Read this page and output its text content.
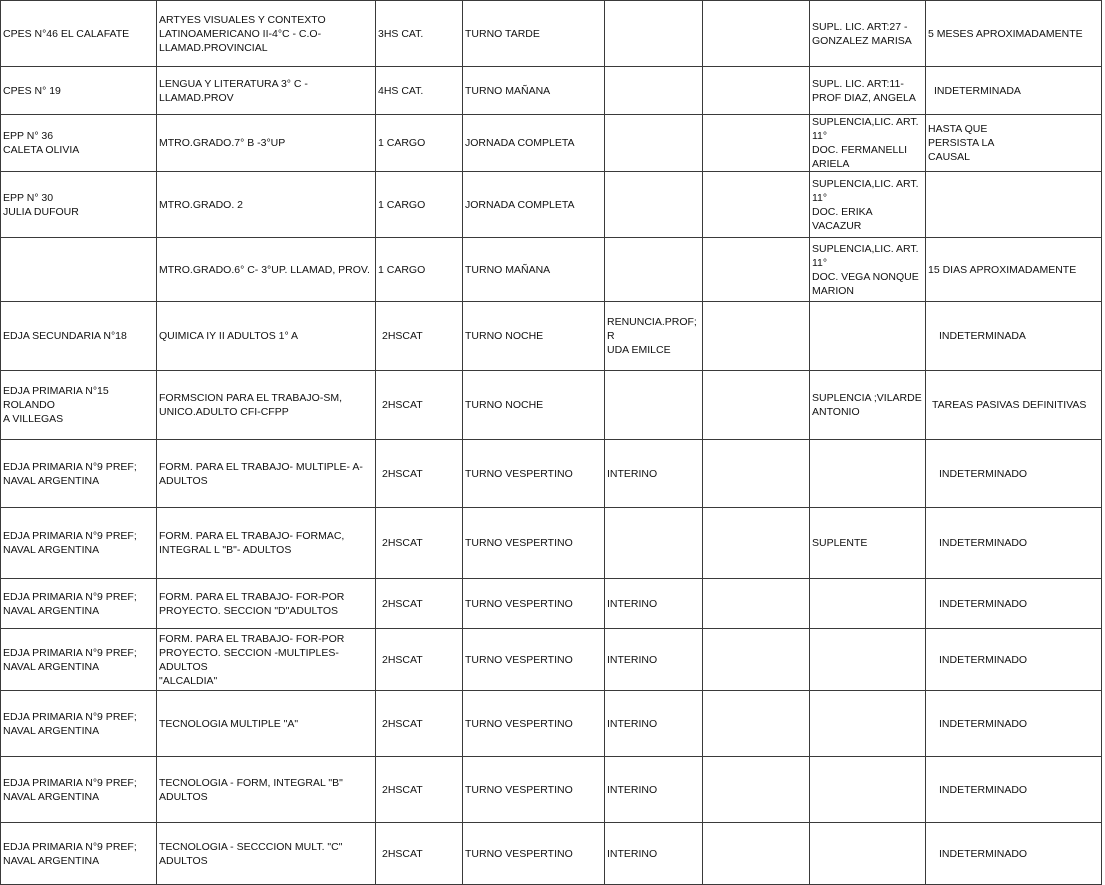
CPES N°46 EL CALAFATE	ARTYES VISUALES Y CONTEXTO
LATINOAMERICANO II-4°C - C.O-
LLAMAD.PROVINCIAL	3HS CAT.	TURNO TARDE			SUPL. LIC. ART:27 -
GONZALEZ MARISA	5 MESES APROXIMADAMENTE
CPES N° 19	LENGUA Y LITERATURA 3° C -LLAMAD.PROV	4HS CAT.	TURNO MAÑANA			SUPL. LIC. ART:11-
PROF DIAZ, ANGELA	INDETERMINADA
EPP N° 36
CALETA OLIVIA	MTRO.GRADO.7° B -3°UP	1 CARGO	JORNADA COMPLETA			SUPLENCIA,LIC. ART.
11°
DOC. FERMANELLI
ARIELA	HASTA QUE
PERSISTA LA
CAUSAL
EPP N° 30
JULIA DUFOUR	MTRO.GRADO. 2	1 CARGO	JORNADA COMPLETA			SUPLENCIA,LIC. ART.
11°
DOC. ERIKA
VACAZUR	
	MTRO.GRADO.6° C- 3°UP. LLAMAD, PROV.	1 CARGO	TURNO MAÑANA			SUPLENCIA,LIC. ART.
11°
DOC. VEGA NONQUE
MARION	15 DIAS APROXIMADAMENTE
EDJA SECUNDARIA N°18	QUIMICA IY II ADULTOS 1° A	2HSCAT	TURNO NOCHE	RENUNCIA.PROF;R
UDA EMILCE			INDETERMINADA
EDJA PRIMARIA N°15 ROLANDO
A VILLEGAS	FORMSCION PARA EL TRABAJO-SM,
UNICO.ADULTO CFI-CFPP	2HSCAT	TURNO NOCHE			SUPLENCIA ;VILARDE
ANTONIO	TAREAS PASIVAS DEFINITIVAS
EDJA PRIMARIA N°9 PREF;
NAVAL ARGENTINA	FORM. PARA EL TRABAJO- MULTIPLE- A-
ADULTOS	2HSCAT	TURNO VESPERTINO	INTERINO			INDETERMINADO
EDJA PRIMARIA N°9 PREF;
NAVAL ARGENTINA	FORM. PARA EL TRABAJO- FORMAC,
INTEGRAL L "B"- ADULTOS	2HSCAT	TURNO VESPERTINO			SUPLENTE	INDETERMINADO
EDJA PRIMARIA N°9 PREF;
NAVAL ARGENTINA	FORM. PARA EL TRABAJO- FOR-POR
PROYECTO. SECCION "D"ADULTOS	2HSCAT	TURNO VESPERTINO	INTERINO			INDETERMINADO
EDJA PRIMARIA N°9 PREF;
NAVAL ARGENTINA	FORM. PARA EL TRABAJO- FOR-POR
PROYECTO. SECCION -MULTIPLES-ADULTOS
"ALCALDIA"	2HSCAT	TURNO VESPERTINO	INTERINO			INDETERMINADO
EDJA PRIMARIA N°9 PREF;
NAVAL ARGENTINA	TECNOLOGIA MULTIPLE "A"	2HSCAT	TURNO VESPERTINO	INTERINO			INDETERMINADO
EDJA PRIMARIA N°9 PREF;
NAVAL ARGENTINA	TECNOLOGIA - FORM, INTEGRAL "B"
ADULTOS	2HSCAT	TURNO VESPERTINO	INTERINO			INDETERMINADO
EDJA PRIMARIA N°9 PREF;
NAVAL ARGENTINA	TECNOLOGIA - SECCCION MULT. "C"
ADULTOS	2HSCAT	TURNO VESPERTINO	INTERINO			INDETERMINADO
